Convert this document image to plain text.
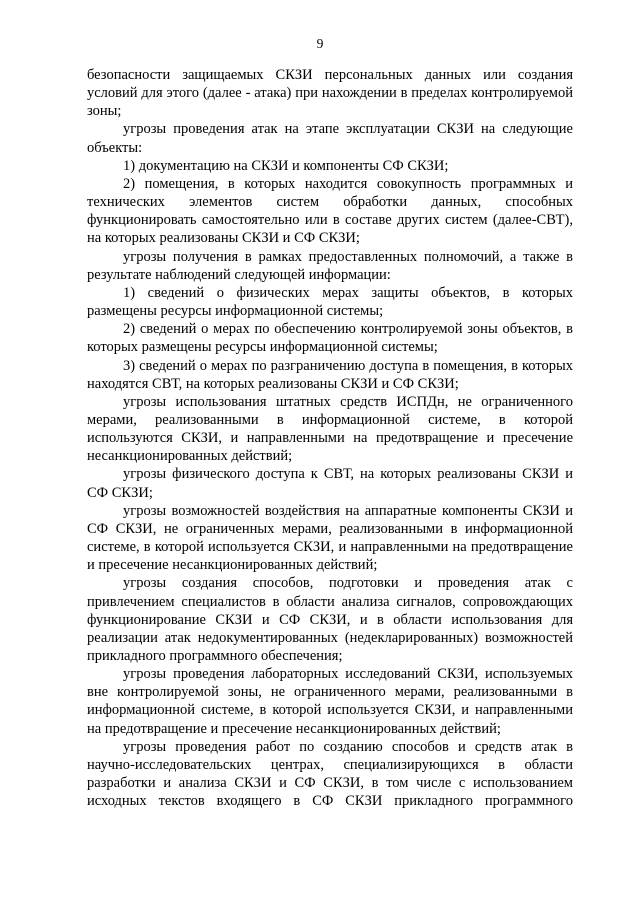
9

безопасности защищаемых СКЗИ персональных данных или создания условий для этого (далее - атака) при нахождении в пределах контролируемой зоны;

угрозы проведения атак на этапе эксплуатации СКЗИ на следующие объекты:

1) документацию на СКЗИ и компоненты СФ СКЗИ;

2) помещения, в которых находится совокупность программных и технических элементов систем обработки данных, способных функционировать самостоятельно или в составе других систем (далее-СВТ), на которых реализованы СКЗИ и СФ СКЗИ;

угрозы получения в рамках предоставленных полномочий, а также в результате наблюдений следующей информации:

1) сведений о физических мерах защиты объектов, в которых размещены ресурсы информационной системы;

2) сведений о мерах по обеспечению контролируемой зоны объектов, в которых размещены ресурсы информационной системы;

3) сведений о мерах по разграничению доступа в помещения, в которых находятся СВТ, на которых реализованы СКЗИ и СФ СКЗИ;

угрозы использования штатных средств ИСПДн, не ограниченного мерами, реализованными в информационной системе, в которой используются СКЗИ, и направленными на предотвращение и пресечение несанкционированных действий;

угрозы физического доступа к СВТ, на которых реализованы СКЗИ и СФ СКЗИ;

угрозы возможностей воздействия на аппаратные компоненты СКЗИ и СФ СКЗИ, не ограниченных мерами, реализованными в информационной системе, в которой используется СКЗИ, и направленными на предотвращение и пресечение несанкционированных действий;

угрозы создания способов, подготовки и проведения атак с привлечением специалистов в области анализа сигналов, сопровождающих функционирование СКЗИ и СФ СКЗИ, и в области использования для реализации атак недокументированных (недекларированных) возможностей прикладного программного обеспечения;

угрозы проведения лабораторных исследований СКЗИ, используемых вне контролируемой зоны, не ограниченного мерами, реализованными в информационной системе, в которой используется СКЗИ, и направленными на предотвращение и пресечение несанкционированных действий;

угрозы проведения работ по созданию способов и средств атак в научно-исследовательских центрах, специализирующихся в области разработки и анализа СКЗИ и СФ СКЗИ, в том числе с использованием исходных текстов входящего в СФ СКЗИ прикладного программного
